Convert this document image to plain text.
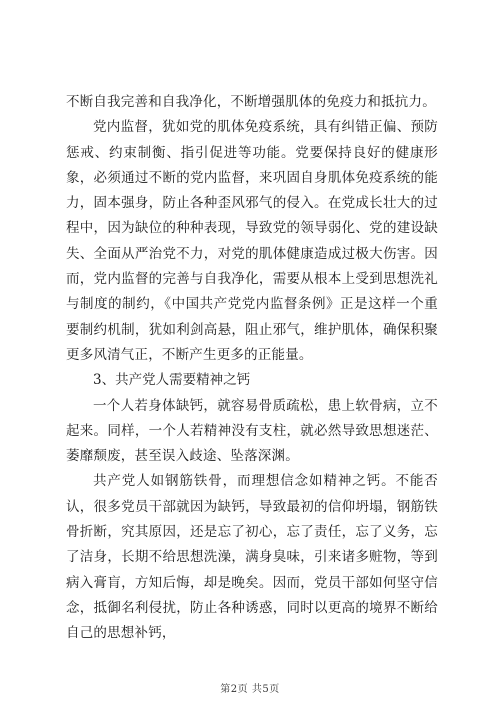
不断自我完善和自我净化，不断增强肌体的免疫力和抵抗力。

党内监督，犹如党的肌体免疫系统，具有纠错正偏、预防惩戒、约束制衡、指引促进等功能。党要保持良好的健康形象，必须通过不断的党内监督，来巩固自身肌体免疫系统的能力，固本强身，防止各种歪风邪气的侵入。在党成长壮大的过程中，因为缺位的种种表现，导致党的领导弱化、党的建设缺失、全面从严治党不力，对党的肌体健康造成过极大伤害。因而，党内监督的完善与自我净化，需要从根本上受到思想洗礼与制度的制约，《中国共产党党内监督条例》正是这样一个重要制约机制，犹如利剑高悬，阻止邪气，维护肌体，确保积聚更多风清气正，不断产生更多的正能量。

3、共产党人需要精神之钙

一个人若身体缺钙，就容易骨质疏松，患上软骨病，立不起来。同样，一个人若精神没有支柱，就必然导致思想迷茫、萎靡颓废，甚至误入歧途、坠落深渊。

共产党人如钢筋铁骨，而理想信念如精神之钙。不能否认，很多党员干部就因为缺钙，导致最初的信仰坍塌，钢筋铁骨折断，究其原因，还是忘了初心，忘了责任，忘了义务，忘了洁身，长期不给思想洗澡，满身臭味，引来诸多赃物，等到病入膏肓，方知后悔，却是晚矣。因而，党员干部如何坚守信念，抵御名利侵扰，防止各种诱惑，同时以更高的境界不断给自己的思想补钙，

第2页 共5页
